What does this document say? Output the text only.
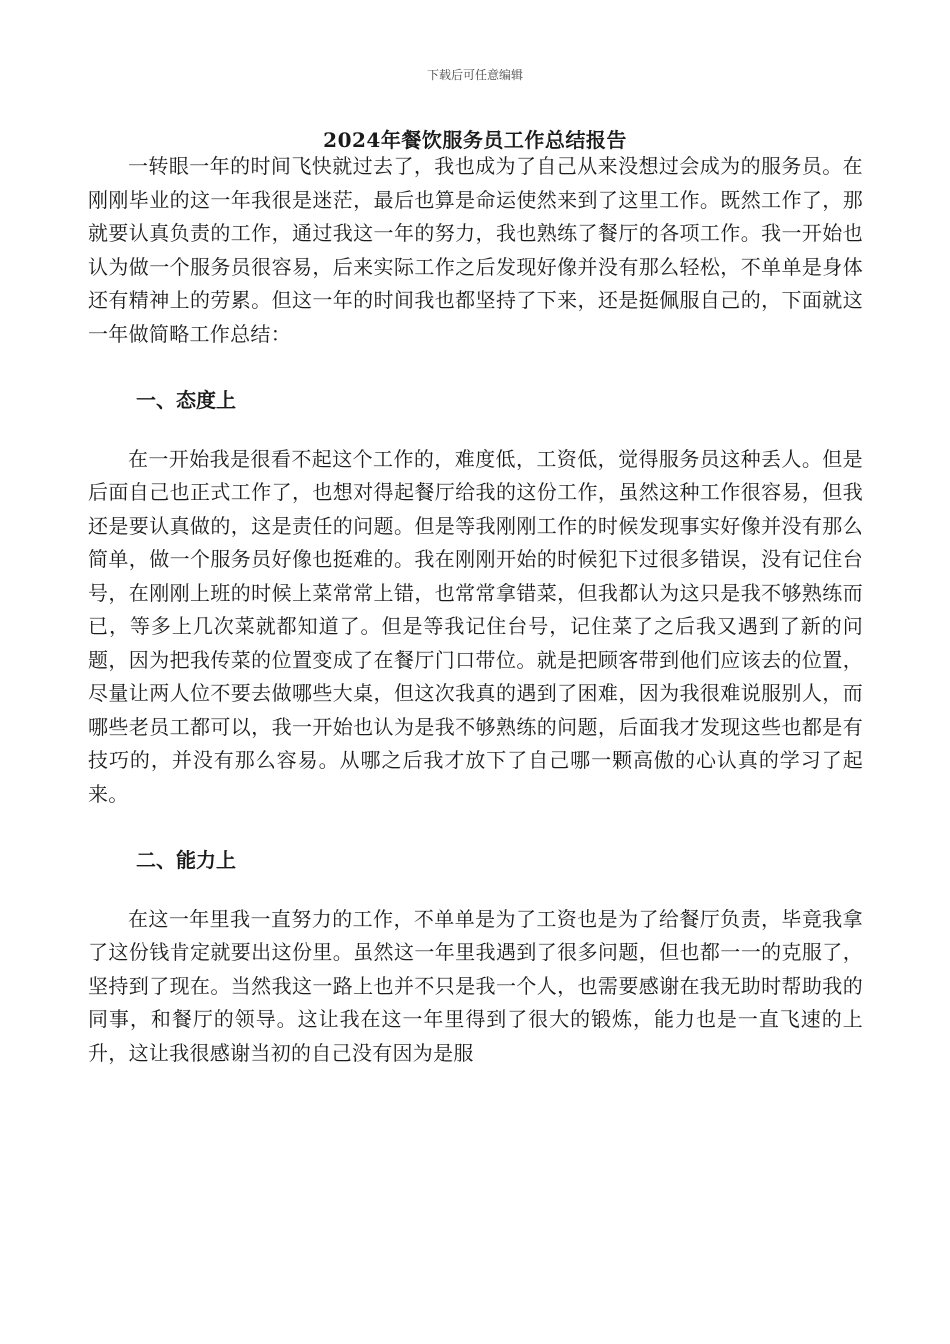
下载后可任意编辑
2024年餐饮服务员工作总结报告

一转眼一年的时间飞快就过去了，我也成为了自己从来没想过会成为的服务员。在刚刚毕业的这一年我很是迷茫，最后也算是命运使然来到了这里工作。既然工作了，那就要认真负责的工作，通过我这一年的努力，我也熟练了餐厅的各项工作。我一开始也认为做一个服务员很容易，后来实际工作之后发现好像并没有那么轻松，不单单是身体还有精神上的劳累。但这一年的时间我也都坚持了下来，还是挺佩服自己的，下面就这一年做简略工作总结：

一、态度上

在一开始我是很看不起这个工作的，难度低，工资低，觉得服务员这种丢人。但是后面自己也正式工作了，也想对得起餐厅给我的这份工作，虽然这种工作很容易，但我还是要认真做的，这是责任的问题。但是等我刚刚工作的时候发现事实好像并没有那么简单，做一个服务员好像也挺难的。我在刚刚开始的时候犯下过很多错误，没有记住台号，在刚刚上班的时候上菜常常上错，也常常拿错菜，但我都认为这只是我不够熟练而已，等多上几次菜就都知道了。但是等我记住台号，记住菜了之后我又遇到了新的问题，因为把我传菜的位置变成了在餐厅门口带位。就是把顾客带到他们应该去的位置，尽量让两人位不要去做哪些大桌，但这次我真的遇到了困难，因为我很难说服别人，而哪些老员工都可以，我一开始也认为是我不够熟练的问题，后面我才发现这些也都是有技巧的，并没有那么容易。从哪之后我才放下了自己哪一颗高傲的心认真的学习了起来。

二、能力上

在这一年里我一直努力的工作，不单单是为了工资也是为了给餐厅负责，毕竟我拿了这份钱肯定就要出这份里。虽然这一年里我遇到了很多问题，但也都一一的克服了，坚持到了现在。当然我这一路上也并不只是我一个人，也需要感谢在我无助时帮助我的同事，和餐厅的领导。这让我在这一年里得到了很大的锻炼，能力也是一直飞速的上升，这让我很感谢当初的自己没有因为是服
